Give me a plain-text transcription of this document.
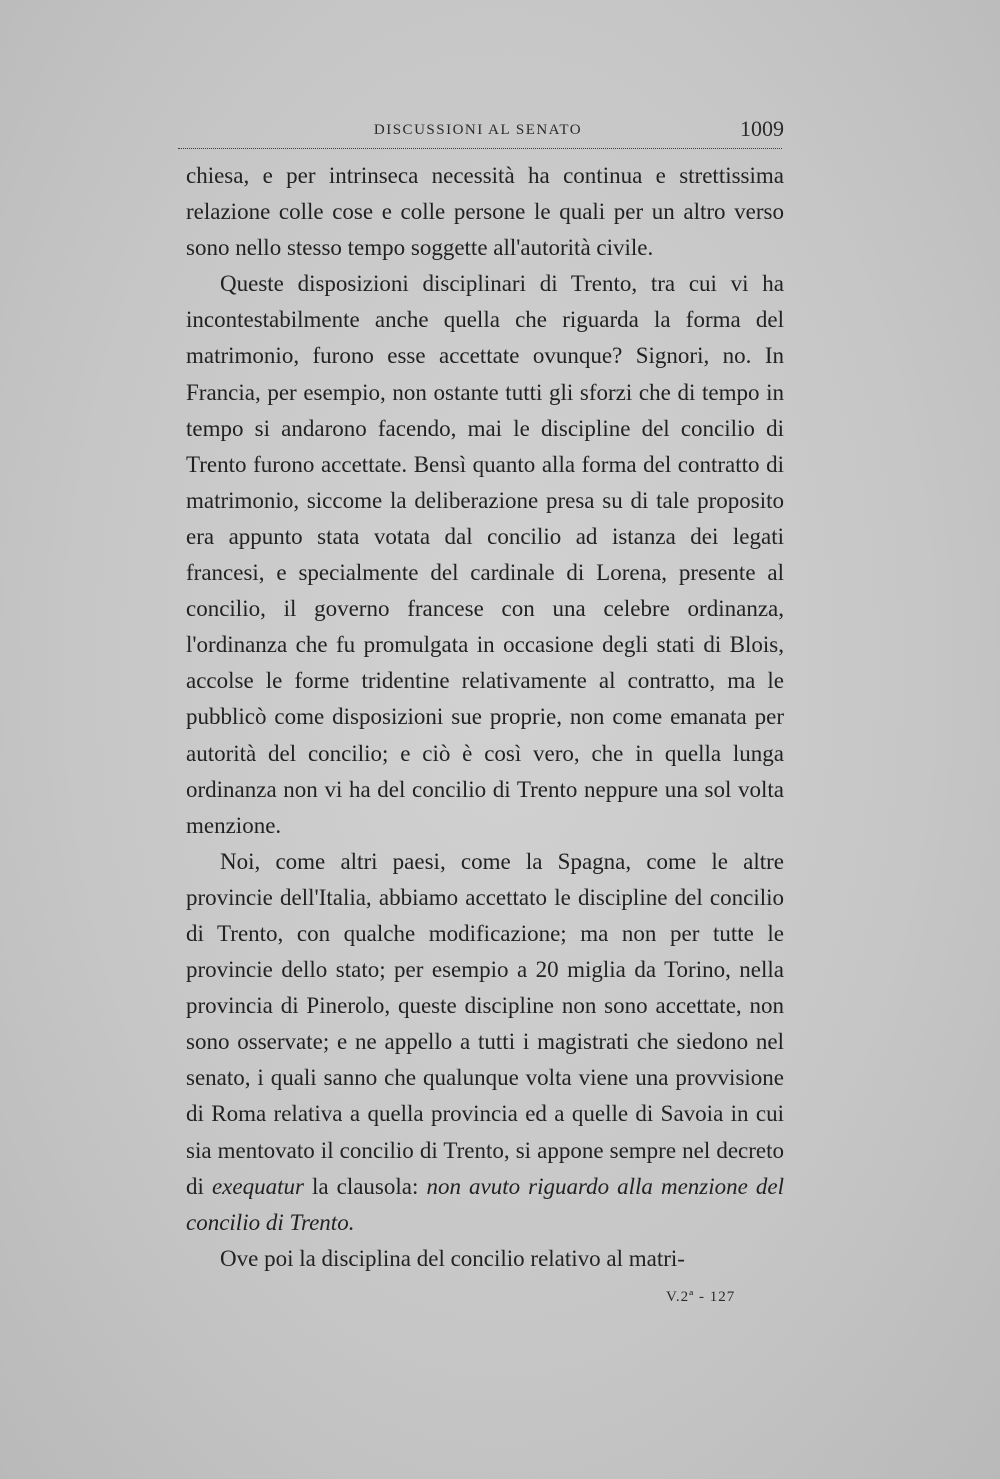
DISCUSSIONI AL SENATO	1009

chiesa, e per intrinseca necessità ha continua e strettissima relazione colle cose e colle persone le quali per un altro verso sono nello stesso tempo soggette all'autorità civile.

Queste disposizioni disciplinari di Trento, tra cui vi ha incontestabilmente anche quella che riguarda la forma del matrimonio, furono esse accettate ovunque? Signori, no. In Francia, per esempio, non ostante tutti gli sforzi che di tempo in tempo si andarono facendo, mai le discipline del concilio di Trento furono accettate. Bensì quanto alla forma del contratto di matrimonio, siccome la deliberazione presa su di tale proposito era appunto stata votata dal concilio ad istanza dei legati francesi, e specialmente del cardinale di Lorena, presente al concilio, il governo francese con una celebre ordinanza, l'ordinanza che fu promulgata in occasione degli stati di Blois, accolse le forme tridentine relativamente al contratto, ma le pubblicò come disposizioni sue proprie, non come emanata per autorità del concilio; e ciò è così vero, che in quella lunga ordinanza non vi ha del concilio di Trento neppure una sol volta menzione.

Noi, come altri paesi, come la Spagna, come le altre provincie dell'Italia, abbiamo accettato le discipline del concilio di Trento, con qualche modificazione; ma non per tutte le provincie dello stato; per esempio a 20 miglia da Torino, nella provincia di Pinerolo, queste discipline non sono accettate, non sono osservate; e ne appello a tutti i magistrati che siedono nel senato, i quali sanno che qualunque volta viene una provvisione di Roma relativa a quella provincia ed a quelle di Savoia in cui sia mentovato il concilio di Trento, si appone sempre nel decreto di exequatur la clausola: non avuto riguardo alla menzione del concilio di Trento.

Ove poi la disciplina del concilio relativo al matri-

V.2ª - 127
